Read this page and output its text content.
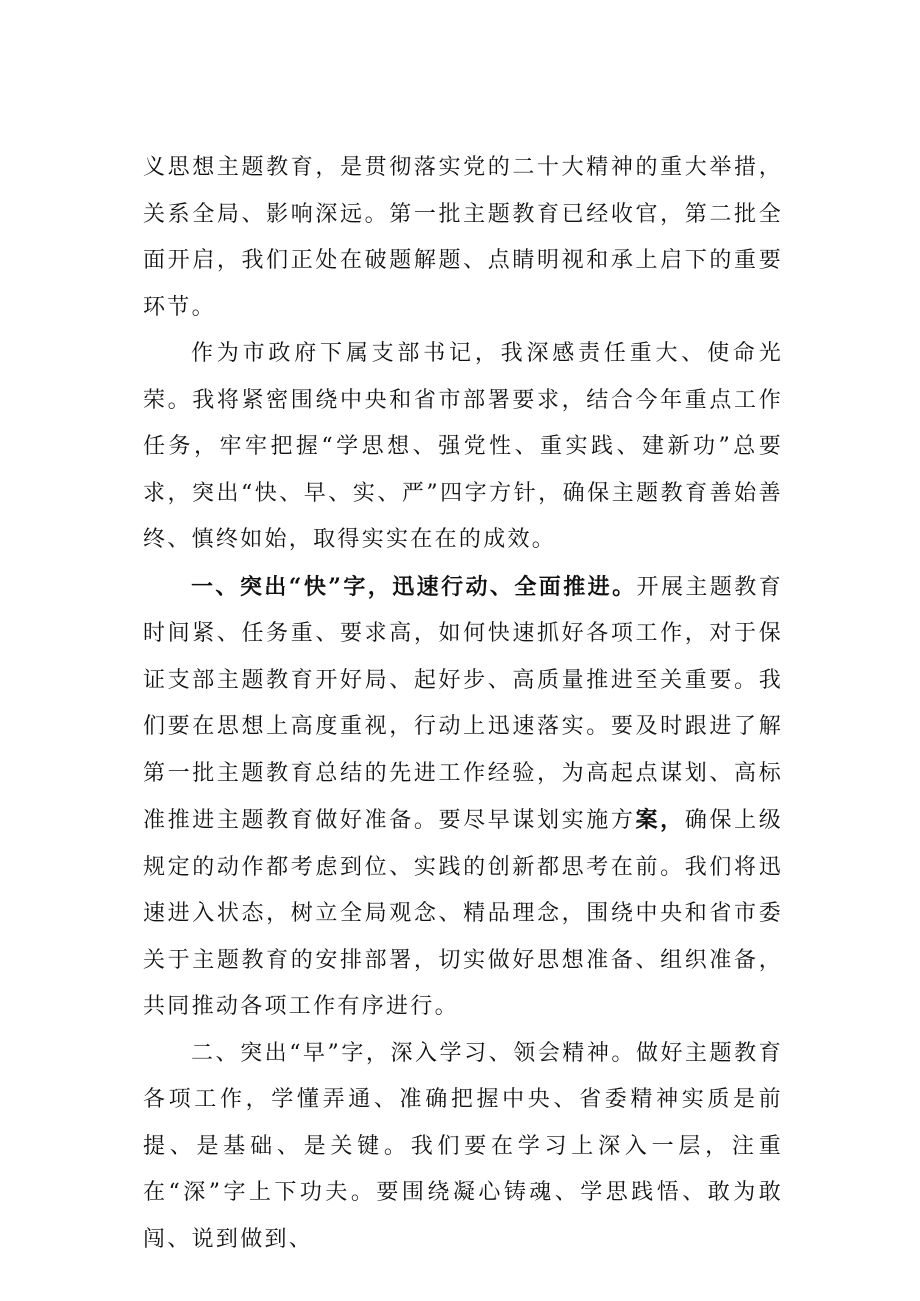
义思想主题教育，是贯彻落实党的二十大精神的重大举措，关系全局、影响深远。第一批主题教育已经收官，第二批全面开启，我们正处在破题解题、点睛明视和承上启下的重要环节。

作为市政府下属支部书记，我深感责任重大、使命光荣。我将紧密围绕中央和省市部署要求，结合今年重点工作任务，牢牢把握“学思想、强党性、重实践、建新功”总要求，突出“快、早、实、严”四字方针，确保主题教育善始善终、慎终如始，取得实实在在的成效。

一、突出“快”字，迅速行动、全面推进。开展主题教育时间紧、任务重、要求高，如何快速抓好各项工作，对于保证支部主题教育开好局、起好步、高质量推进至关重要。我们要在思想上高度重视，行动上迅速落实。要及时跟进了解第一批主题教育总结的先进工作经验，为高起点谋划、高标准推进主题教育做好准备。要尽早谋划实施方案，确保上级规定的动作都考虑到位、实践的创新都思考在前。我们将迅速进入状态，树立全局观念、精品理念，围绕中央和省市委关于主题教育的安排部署，切实做好思想准备、组织准备，共同推动各项工作有序进行。

二、突出“早”字，深入学习、领会精神。做好主题教育各项工作，学懂弄通、准确把握中央、省委精神实质是前提、是基础、是关键。我们要在学习上深入一层，注重在“深”字上下功夫。要围绕凝心铸魂、学思践悟、敢为敢闯、说到做到、
